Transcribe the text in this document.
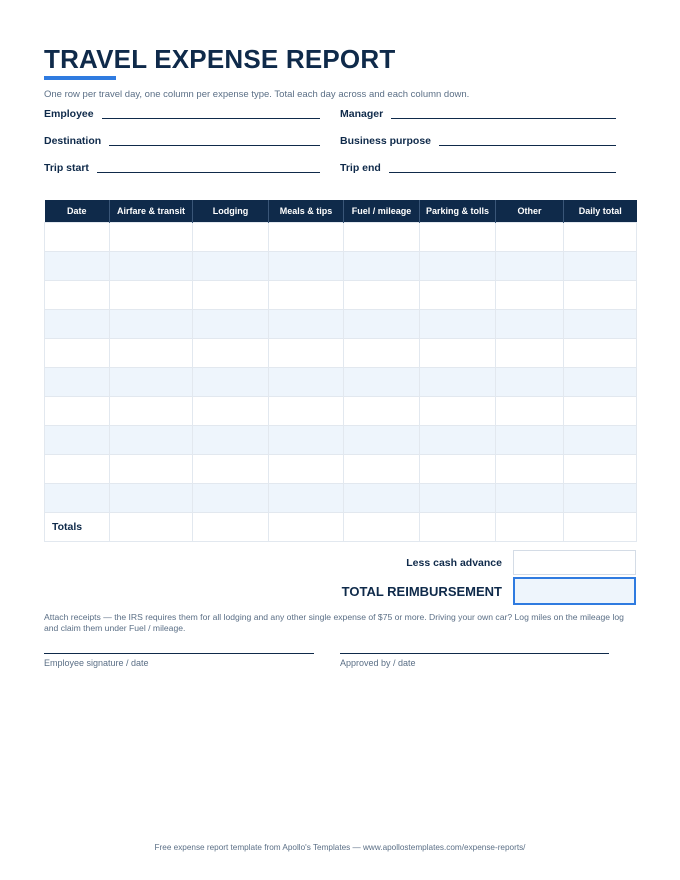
TRAVEL EXPENSE REPORT
One row per travel day, one column per expense type. Total each day across and each column down.
Employee	Manager
Destination	Business purpose
Trip start	Trip end
Date	Airfare & transit	Lodging	Meals & tips	Fuel / mileage	Parking & tolls	Other	Daily total

Totals							
Less cash advance
TOTAL REIMBURSEMENT
Attach receipts — the IRS requires them for all lodging and any other single expense of $75 or more. Driving your own car? Log miles on the mileage log and claim them under Fuel / mileage.
Employee signature / date	Approved by / date
Free expense report template from Apollo's Templates — www.apollostemplates.com/expense-reports/
